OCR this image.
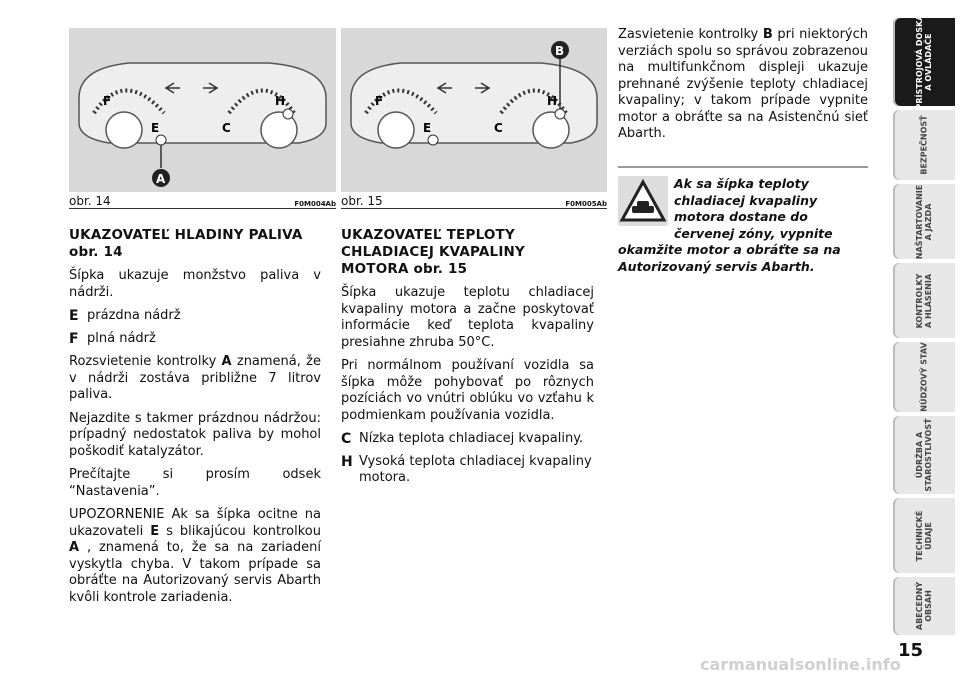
F
E	C
H
A
obr. 14	F0M004Ab
F
E	C
H
B
obr. 15	F0M005Ab
UKAZOVATEĽ HLADINY PALIVA obr. 14

Šípka ukazuje monžstvo paliva v nádrži.

E prázdna nádrž
F plná nádrž

Rozsvietenie kontrolky A znamená, že v nádrži zostáva približne 7 litrov paliva.

Nejazdite s takmer prázdnou nádržou: prípadný nedostatok paliva by mohol poškodiť katalyzátor.

Prečítajte si prosím odsek “Nastavenia”.

UPOZORNENIE Ak sa šípka ocitne na ukazovateli E s blikajúcou kontrolkou A , znamená to, že sa na zariadení vyskytla chyba. V takom prípade sa obráťte na Autorizovaný servis Abarth kvôli kontrole zariadenia.

UKAZOVATEĽ TEPLOTY CHLADIACEJ KVAPALINY MOTORA obr. 15

Šípka ukazuje teplotu chladiacej kvapaliny motora a začne poskytovať informácie keď teplota kvapaliny presiahne zhruba 50°C.

Pri normálnom používaní vozidla sa šípka môže pohybovať po rôznych pozíciách vo vnútri oblúku vo vzťahu k podmienkam používania vozidla.

C Nízka teplota chladiacej kvapaliny.
H Vysoká teplota chladiacej kvapaliny motora.

Zasvietenie kontrolky B pri niektorých verziách spolu so správou zobrazenou na multifunkčnom displeji ukazuje prehnané zvýšenie teploty chladiacej kvapaliny; v takom prípade vypnite motor a obráťte sa na Asistenčnú sieť Abarth.

Ak sa šípka teploty chladiacej kvapaliny motora dostane do červenej zóny, vypnite okamžite motor a obráťte sa na Autorizovaný servis Abarth.
PRÍSTROJOVÁ DOSKA
A OVLÁDAČE
BEZPEČNOSŤ
NAŠTARTOVANIE
A JAZDA
KONTROLKY
A HLÁSENIA
NÚDZOVÝ STAV
ÚDRŽBA A
STAROSTLIVOSŤ
TECHNICKÉ
ÚDAJE
ABECEDNÝ
OBSAH
15
carmanualsonline.info
